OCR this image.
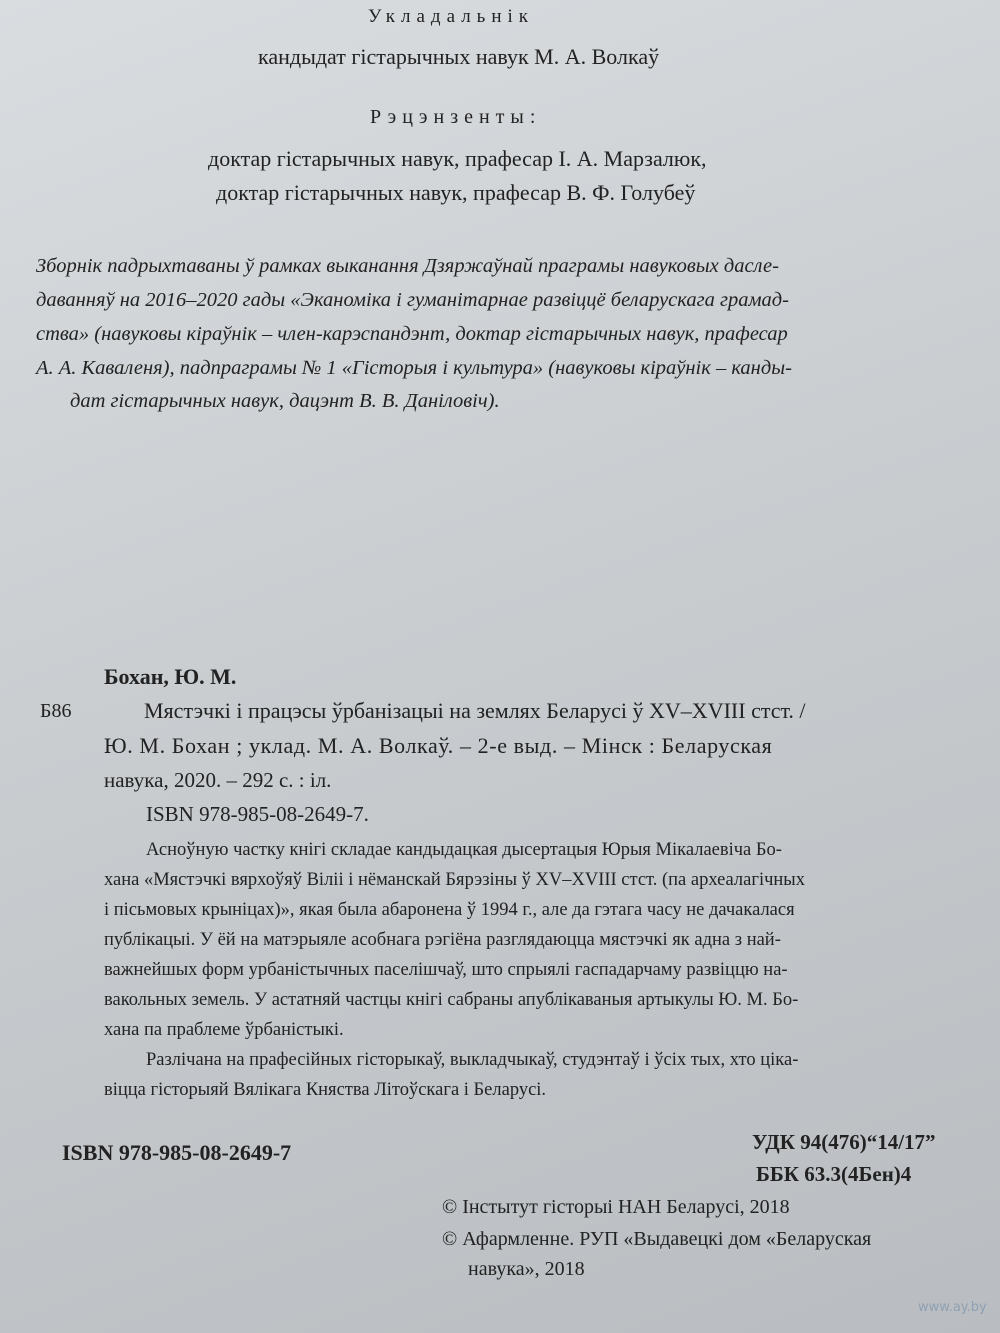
Укладальнік
кандыдат гістарычных навук М. А. Волкаў
Рэцэнзенты:
доктар гістарычных навук, прафесар І. А. Марзалюк,
доктар гістарычных навук, прафесар В. Ф. Голубеў
Зборнік падрыхтаваны ў рамках выканання Дзяржаўнай праграмы навуковых дасле-
даванняў на 2016–2020 гады «Эканоміка і гуманітарнае развіццё беларускага грамад-
ства» (навуковы кіраўнік – член-карэспандэнт, доктар гістарычных навук, прафесар
А. А. Каваленя), падпраграмы № 1 «Гісторыя і культура» (навуковы кіраўнік – канды-
дат гістарычных навук, дацэнт В. В. Даніловіч).
Бохан, Ю. М.
Б86	Мястэчкі і працэсы ўрбанізацыі на землях Беларусі ў XV–XVIII стст. /
Ю. М. Бохан ; уклад. М. А. Волкаў. – 2-е выд. – Мінск : Беларуская
навука, 2020. – 292 с. : іл.
ISBN 978-985-08-2649-7.
Асноўную частку кнігі складае кандыдацкая дысертацыя Юрыя Мікалаевіча Бо-
хана «Мястэчкі вярхоўяў Віліі і нёманскай Бярэзіны ў XV–XVIII стст. (па археалагічных
і пісьмовых крыніцах)», якая была абаронена ў 1994 г., але да гэтага часу не дачакалася
публікацыі. У ёй на матэрыяле асобнага рэгіёна разглядаюцца мястэчкі як адна з най-
важнейшых форм урбаністычных паселішчаў, што спрыялі гаспадарчаму развіццю на-
вакольных земель. У астатняй частцы кнігі сабраны апублікаваныя артыкулы Ю. М. Бо-
хана па праблеме ўрбаністыкі.
Разлічана на прафесійных гісторыкаў, выкладчыкаў, студэнтаў і ўсіх тых, хто ціка-
віцца гісторыяй Вялікага Княства Літоўскага і Беларусі.
УДК 94(476)“14/17”
ББК 63.3(4Бен)4
ISBN 978-985-08-2649-7
© Інстытут гісторыі НАН Беларусі, 2018
© Афармленне. РУП «Выдавецкі дом «Беларуская
навука», 2018
www.ay.by
